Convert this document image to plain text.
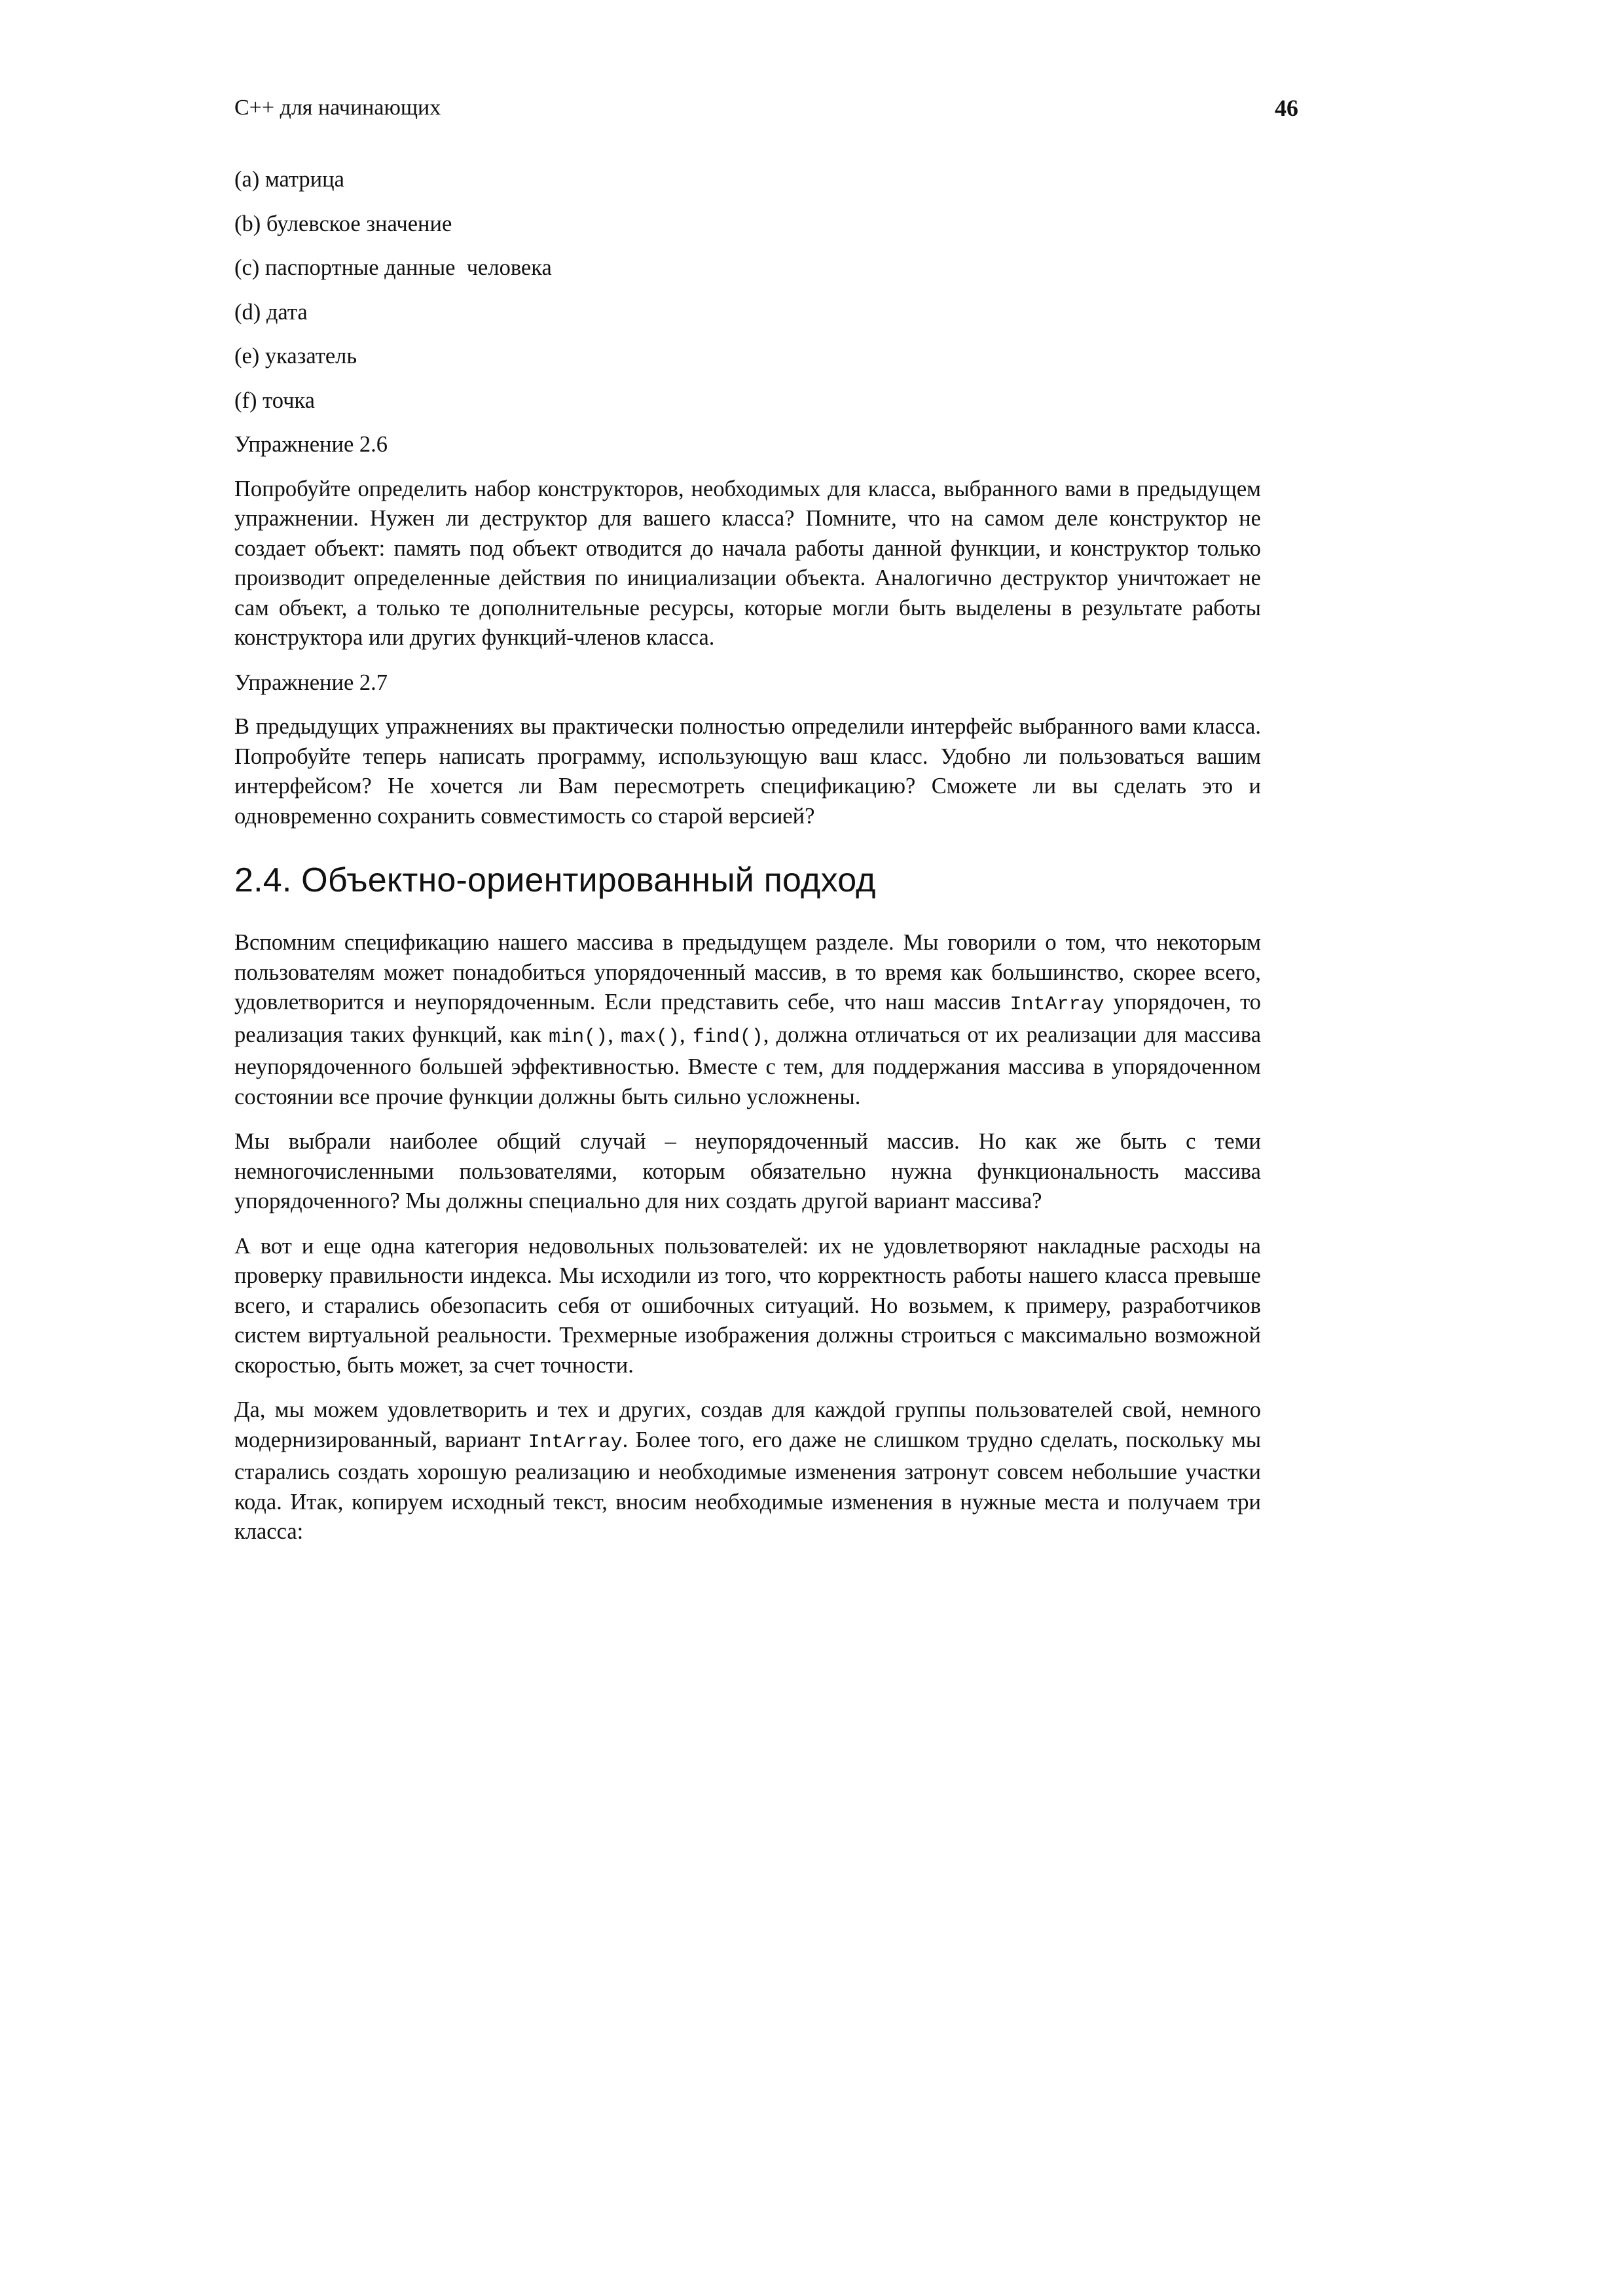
C++ для начинающих	46
(a) матрица
(b) булевское значение
(c) паспортные данные  человека
(d) дата
(e) указатель
(f) точка
Упражнение 2.6

Попробуйте определить набор конструкторов, необходимых для класса, выбранного вами в предыдущем упражнении. Нужен ли деструктор для вашего класса? Помните, что на самом деле конструктор не создает объект: память под объект отводится до начала работы данной функции, и конструктор только производит определенные действия по инициализации объекта. Аналогично деструктор уничтожает не сам объект, а только те дополнительные ресурсы, которые могли быть выделены в результате работы конструктора или других функций-членов класса.

Упражнение 2.7

В предыдущих упражнениях вы практически полностью определили интерфейс выбранного вами класса. Попробуйте теперь написать программу, использующую ваш класс. Удобно ли пользоваться вашим интерфейсом? Не хочется ли Вам пересмотреть спецификацию? Сможете ли вы сделать это и одновременно сохранить совместимость со старой версией?

2.4. Объектно-ориентированный подход

Вспомним спецификацию нашего массива в предыдущем разделе. Мы говорили о том, что некоторым пользователям может понадобиться упорядоченный массив, в то время как большинство, скорее всего, удовлетворится и неупорядоченным. Если представить себе, что наш массив IntArray упорядочен, то реализация таких функций, как min(), max(), find(), должна отличаться от их реализации для массива неупорядоченного большей эффективностью. Вместе с тем, для поддержания массива в упорядоченном состоянии все прочие функции должны быть сильно усложнены.

Мы выбрали наиболее общий случай – неупорядоченный массив. Но как же быть с теми немногочисленными пользователями, которым обязательно нужна функциональность массива упорядоченного? Мы должны специально для них создать другой вариант массива?

А вот и еще одна категория недовольных пользователей: их не удовлетворяют накладные расходы на проверку правильности индекса. Мы исходили из того, что корректность работы нашего класса превыше всего, и старались обезопасить себя от ошибочных ситуаций. Но возьмем, к примеру, разработчиков систем виртуальной реальности. Трехмерные изображения должны строиться с максимально возможной скоростью, быть может, за счет точности.

Да, мы можем удовлетворить и тех и других, создав для каждой группы пользователей свой, немного модернизированный, вариант IntArray. Более того, его даже не слишком трудно сделать, поскольку мы старались создать хорошую реализацию и необходимые изменения затронут совсем небольшие участки кода. Итак, копируем исходный текст, вносим необходимые изменения в нужные места и получаем три класса:
